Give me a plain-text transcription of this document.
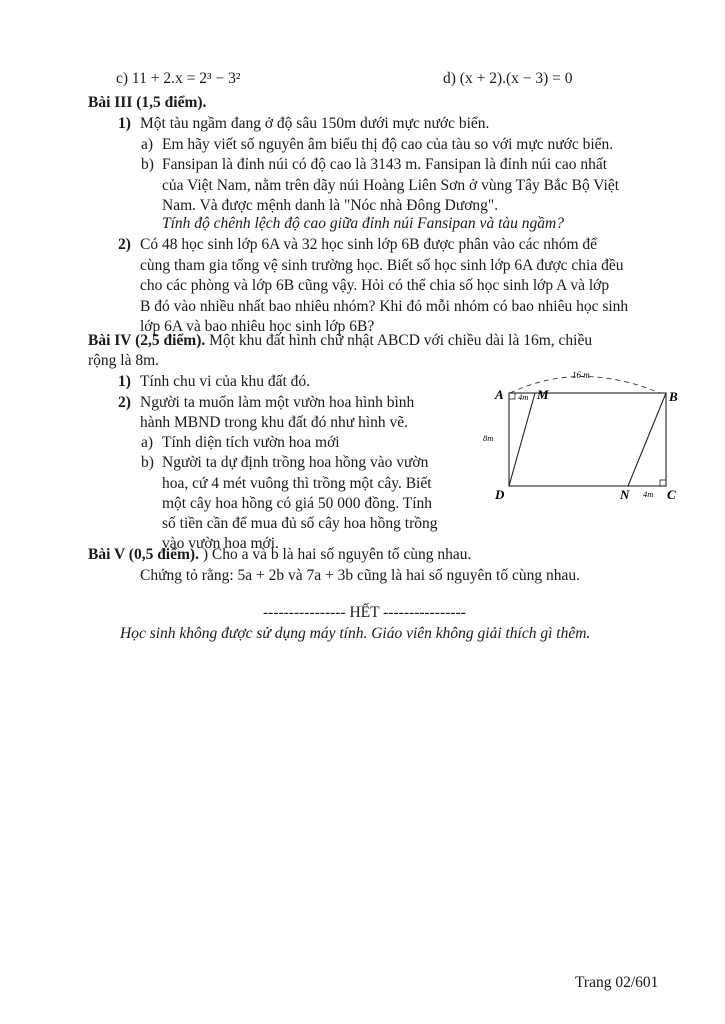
c) 11 + 2.x = 2³ − 3²	d) (x + 2).(x − 3) = 0
Bài III (1,5 điểm).
1) Một tàu ngầm đang ở độ sâu 150m dưới mực nước biển.
a) Em hãy viết số nguyên âm biểu thị độ cao của tàu so với mực nước biển.
b) Fansipan là đỉnh núi có độ cao là 3143 m. Fansipan là đỉnh núi cao nhất
của Việt Nam, nằm trên dãy núi Hoàng Liên Sơn ở vùng Tây Bắc Bộ Việt
Nam. Và được mệnh danh là "Nóc nhà Đông Dương".
Tính độ chênh lệch độ cao giữa đỉnh núi Fansipan và tàu ngầm?
2) Có 48 học sinh lớp 6A và 32 học sinh lớp 6B được phân vào các nhóm để
cùng tham gia tổng vệ sinh trường học. Biết số học sinh lớp 6A được chia đều
cho các phòng và lớp 6B cũng vậy. Hỏi có thể chia số học sinh lớp A và lớp
B đó vào nhiều nhất bao nhiêu nhóm? Khi đó mỗi nhóm có bao nhiêu học sinh
lớp 6A và bao nhiêu học sinh lớp 6B?
Bài IV (2,5 điểm). Một khu đất hình chữ nhật ABCD với chiều dài là 16m, chiều
rộng là 8m.
1) Tính chu vi của khu đất đó.
2) Người ta muốn làm một vườn hoa hình bình
hành MBND trong khu đất đó như hình vẽ.
a) Tính diện tích vườn hoa mới
b) Người ta dự định trồng hoa hồng vào vườn
hoa, cứ 4 mét vuông thì trồng một cây. Biết
một cây hoa hồng có giá 50 000 đồng. Tính
số tiền cần để mua đủ số cây hoa hồng trồng
vào vườn hoa mới.
16 m
A 4m M	B
8m
D	N 4m C
Bài V (0,5 điểm). ) Cho a và b là hai số nguyên tố cùng nhau.
Chứng tỏ rằng: 5a + 2b và 7a + 3b cũng là hai số nguyên tố cùng nhau.
---------------- HẾT ----------------
Học sinh không được sử dụng máy tính. Giáo viên không giải thích gì thêm.
Trang 02/601
